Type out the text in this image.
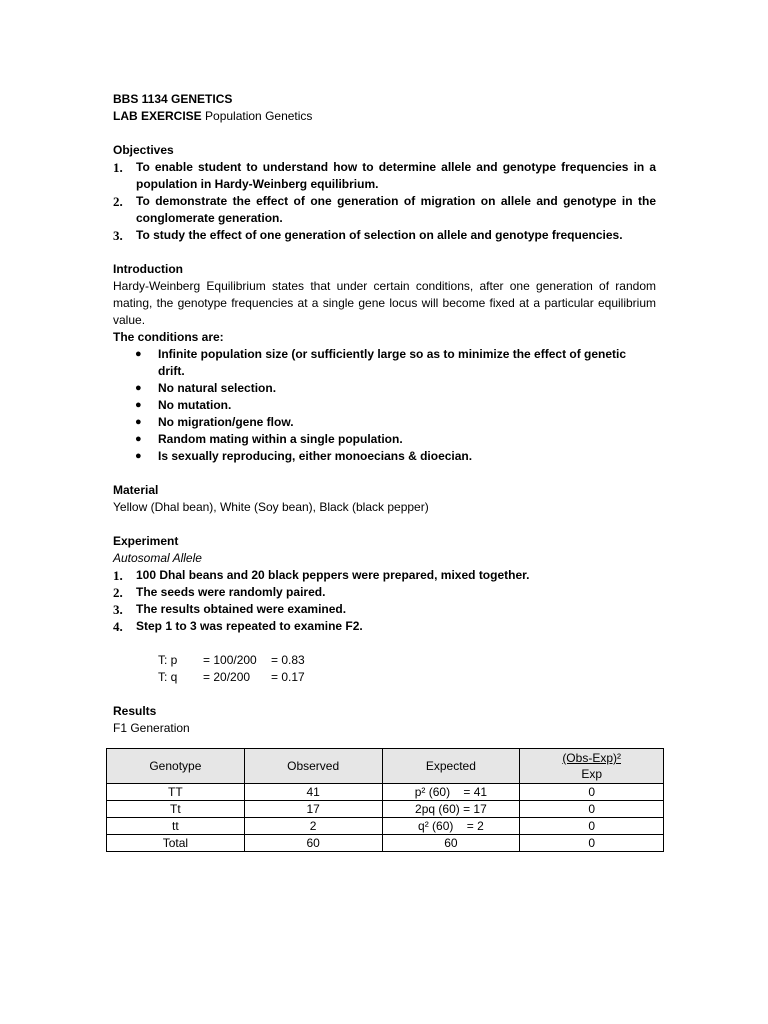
BBS 1134 GENETICS

LAB EXERCISE Population Genetics

Objectives

1. To enable student to understand how to determine allele and genotype frequencies in a population in Hardy-Weinberg equilibrium.
2. To demonstrate the effect of one generation of migration on allele and genotype in the conglomerate generation.
3. To study the effect of one generation of selection on allele and genotype frequencies.

Introduction

Hardy-Weinberg Equilibrium states that under certain conditions, after one generation of random mating, the genotype frequencies at a single gene locus will become fixed at a particular equilibrium value.

The conditions are:

● Infinite population size (or sufficiently large so as to minimize the effect of genetic drift.
● No natural selection.
● No mutation.
● No migration/gene flow.
● Random mating within a single population.
● Is sexually reproducing, either monoecians & dioecian.

Material

Yellow (Dhal bean), White (Soy bean), Black (black pepper)

Experiment

Autosomal Allele

1. 100 Dhal beans and 20 black peppers were prepared, mixed together.
2. The seeds were randomly paired.
3. The results obtained were examined.
4. Step 1 to 3 was repeated to examine F2.

T: p = 100/200 = 0.83

T: q = 20/200 = 0.17

Results

F1 Generation

Genotype	Observed	Expected	(Obs-Exp)²
Exp
TT	41	p² (60)    = 41	0
Tt	17	2pq (60) = 17	0
tt	2	q² (60)    = 2	0
Total	60	60	0
